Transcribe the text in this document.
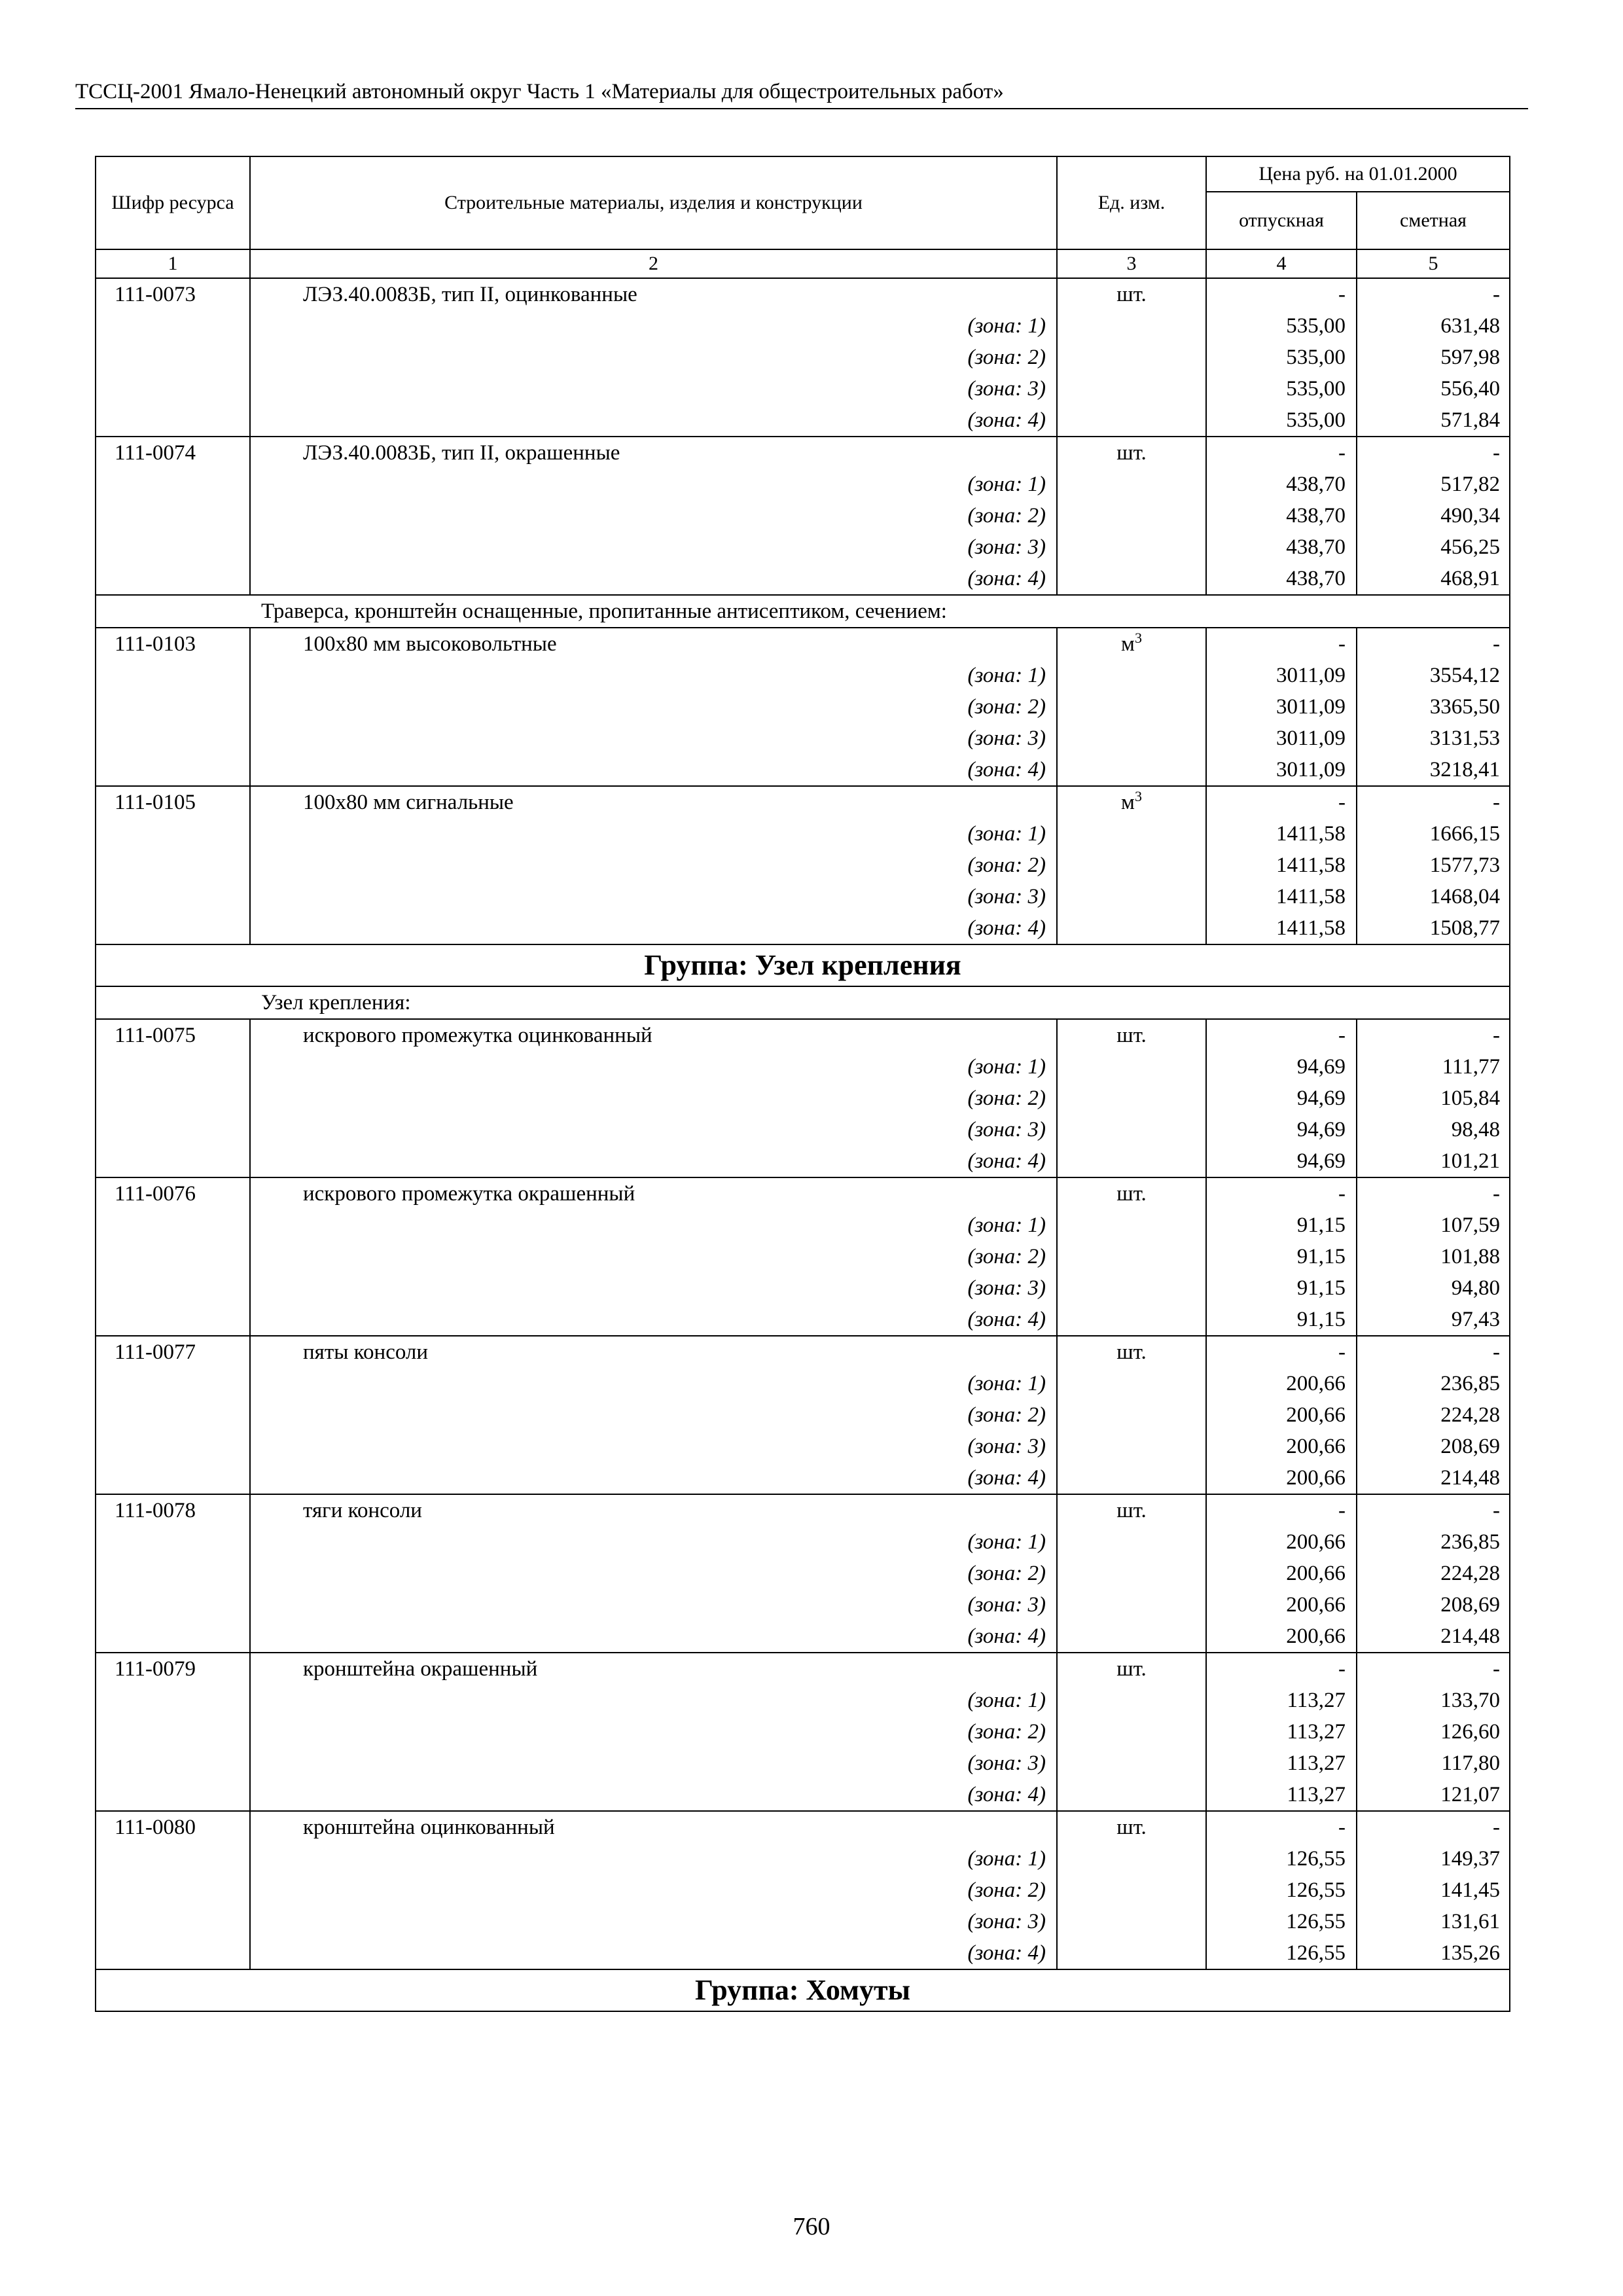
ТССЦ-2001 Ямало-Ненецкий автономный округ Часть 1 «Материалы для общестроительных работ»
Шифр ресурса	Строительные материалы, изделия и конструкции	Ед. изм.	Цена руб. на 01.01.2000	
			отпускная	сметная
1	2	3	4	5
111-0073	ЛЭЗ.40.0083Б, тип II, оцинкованные	шт.	-	-
	(зона: 1)		535,00	631,48
	(зона: 2)		535,00	597,98
	(зона: 3)		535,00	556,40
	(зона: 4)		535,00	571,84
111-0074	ЛЭЗ.40.0083Б, тип II, окрашенные	шт.	-	-
	(зона: 1)		438,70	517,82
	(зона: 2)		438,70	490,34
	(зона: 3)		438,70	456,25
	(зона: 4)		438,70	468,91
Траверса, кронштейн оснащенные, пропитанные антисептиком, сечением:				
111-0103	100х80 мм высоковольтные	$м^3$	-	-
	(зона: 1)		3011,09	3554,12
	(зона: 2)		3011,09	3365,50
	(зона: 3)		3011,09	3131,53
	(зона: 4)		3011,09	3218,41
111-0105	100х80 мм сигнальные	$м^3$	-	-
	(зона: 1)		1411,58	1666,15
	(зона: 2)		1411,58	1577,73
	(зона: 3)		1411,58	1468,04
	(зона: 4)		1411,58	1508,77
Группа: Узел крепления				
Узел крепления:				
111-0075	искрового промежутка оцинкованный	шт.	-	-
	(зона: 1)		94,69	111,77
	(зона: 2)		94,69	105,84
	(зона: 3)		94,69	98,48
	(зона: 4)		94,69	101,21
111-0076	искрового промежутка окрашенный	шт.	-	-
	(зона: 1)		91,15	107,59
	(зона: 2)		91,15	101,88
	(зона: 3)		91,15	94,80
	(зона: 4)		91,15	97,43
111-0077	пяты консоли	шт.	-	-
	(зона: 1)		200,66	236,85
	(зона: 2)		200,66	224,28
	(зона: 3)		200,66	208,69
	(зона: 4)		200,66	214,48
111-0078	тяги консоли	шт.	-	-
	(зона: 1)		200,66	236,85
	(зона: 2)		200,66	224,28
	(зона: 3)		200,66	208,69
	(зона: 4)		200,66	214,48
111-0079	кронштейна окрашенный	шт.	-	-
	(зона: 1)		113,27	133,70
	(зона: 2)		113,27	126,60
	(зона: 3)		113,27	117,80
	(зона: 4)		113,27	121,07
111-0080	кронштейна оцинкованный	шт.	-	-
	(зона: 1)		126,55	149,37
	(зона: 2)		126,55	141,45
	(зона: 3)		126,55	131,61
	(зона: 4)		126,55	135,26
Группа: Хомуты				
760
